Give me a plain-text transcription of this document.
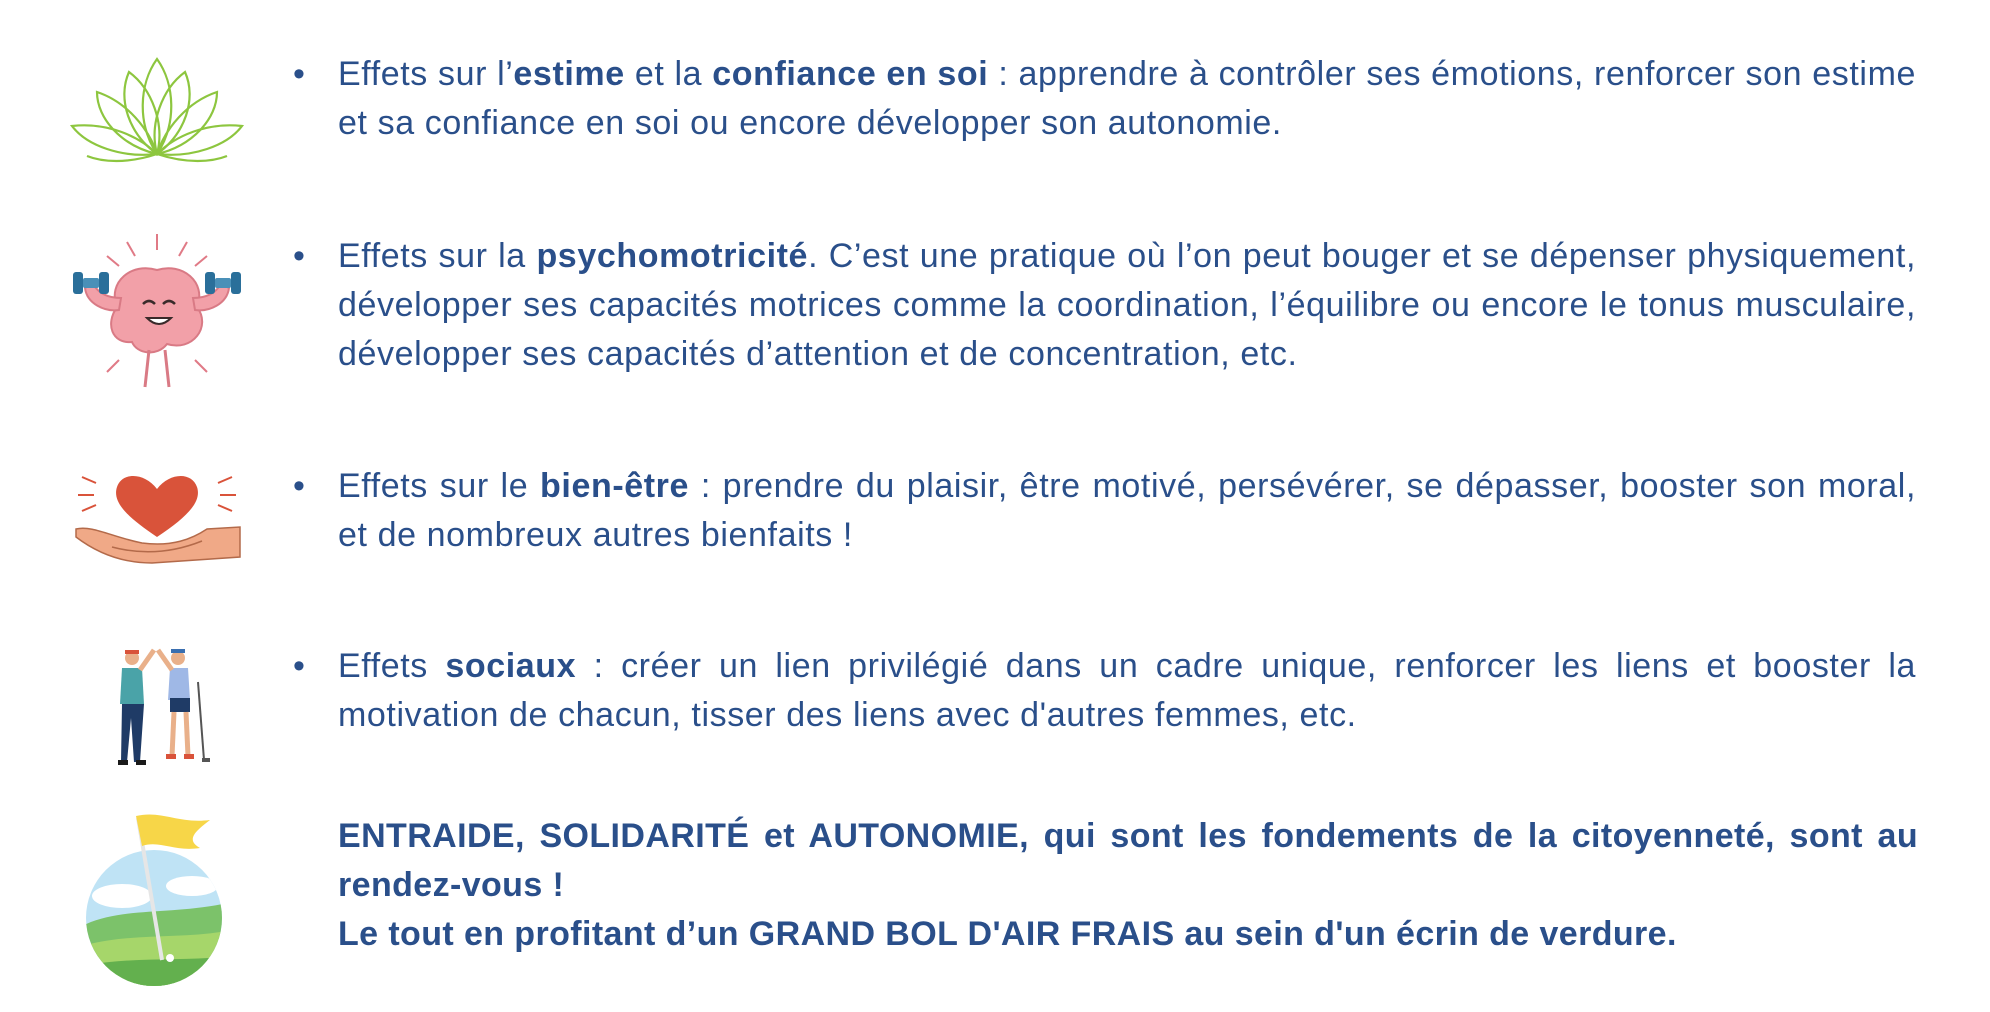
• Effets sur l’estime et la confiance en soi : apprendre à contrôler ses émotions, renforcer son estime et sa confiance en soi ou encore développer son autonomie.
• Effets sur la psychomotricité. C’est une pratique où l’on peut bouger et se dépenser physiquement, développer ses capacités motrices comme la coordination, l’équilibre ou encore le tonus musculaire, développer ses capacités d’attention et de concentration, etc.
• Effets sur le bien-être : prendre du plaisir, être motivé, persévérer, se dépasser, booster son moral, et de nombreux autres bienfaits !
• Effets sociaux : créer un lien privilégié dans un cadre unique, renforcer les liens et booster la motivation de chacun, tisser des liens avec d'autres femmes, etc.
ENTRAIDE, SOLIDARITÉ et AUTONOMIE, qui sont les fondements de la citoyenneté, sont au rendez-vous !
Le tout en profitant d’un GRAND BOL D'AIR FRAIS au sein d'un écrin de verdure.
